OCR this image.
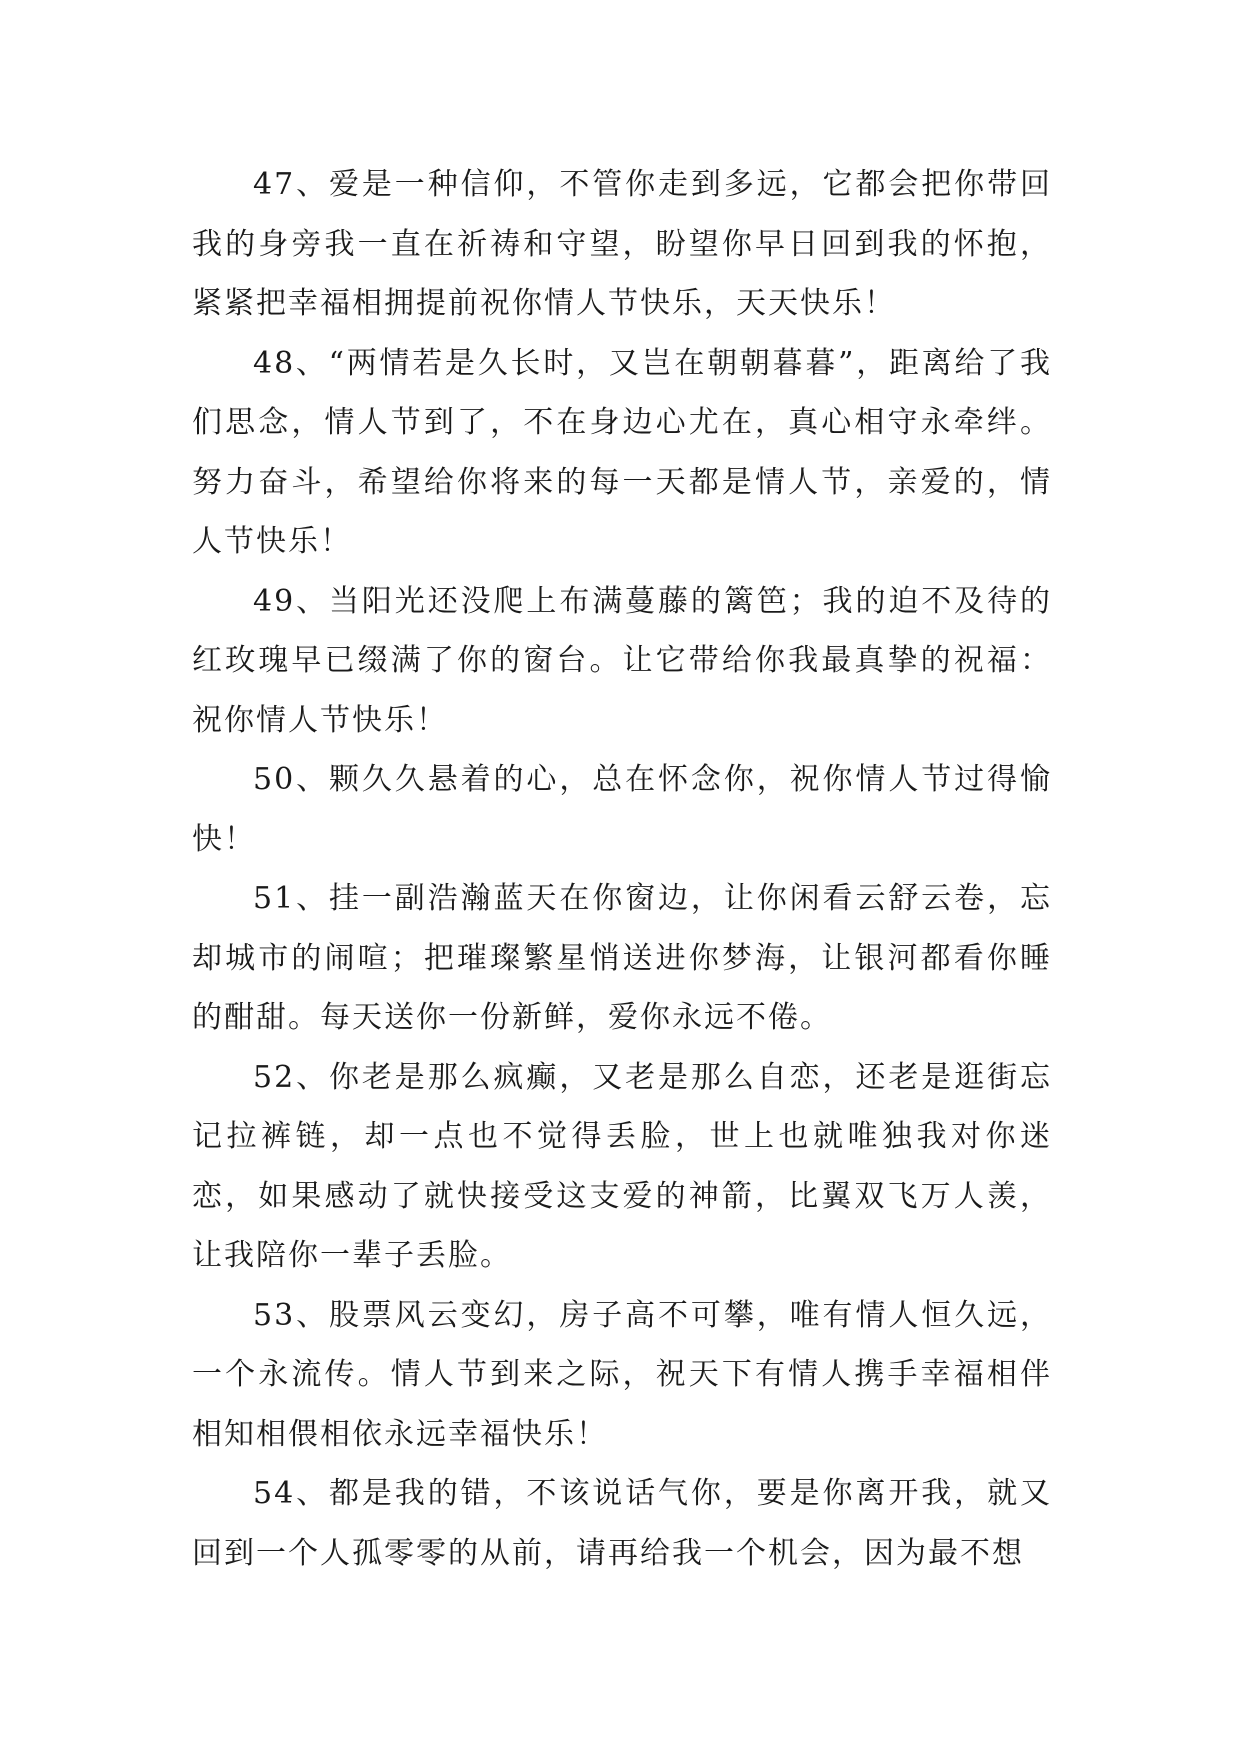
47、爱是一种信仰，不管你走到多远，它都会把你带回我的身旁我一直在祈祷和守望，盼望你早日回到我的怀抱，紧紧把幸福相拥提前祝你情人节快乐，天天快乐！

48、“两情若是久长时，又岂在朝朝暮暮”，距离给了我们思念，情人节到了，不在身边心尤在，真心相守永牵绊。努力奋斗，希望给你将来的每一天都是情人节，亲爱的，情人节快乐！

49、当阳光还没爬上布满蔓藤的篱笆；我的迫不及待的红玫瑰早已缀满了你的窗台。让它带给你我最真挚的祝福：祝你情人节快乐！

50、颗久久悬着的心，总在怀念你，祝你情人节过得愉快！

51、挂一副浩瀚蓝天在你窗边，让你闲看云舒云卷，忘却城市的闹喧；把璀璨繁星悄送进你梦海，让银河都看你睡的酣甜。每天送你一份新鲜，爱你永远不倦。

52、你老是那么疯癫，又老是那么自恋，还老是逛街忘记拉裤链，却一点也不觉得丢脸，世上也就唯独我对你迷恋，如果感动了就快接受这支爱的神箭，比翼双飞万人羡，让我陪你一辈子丢脸。

53、股票风云变幻，房子高不可攀，唯有情人恒久远，一个永流传。情人节到来之际，祝天下有情人携手幸福相伴相知相偎相依永远幸福快乐！

54、都是我的错，不该说话气你，要是你离开我，就又回到一个人孤零零的从前，请再给我一个机会，因为最不想
